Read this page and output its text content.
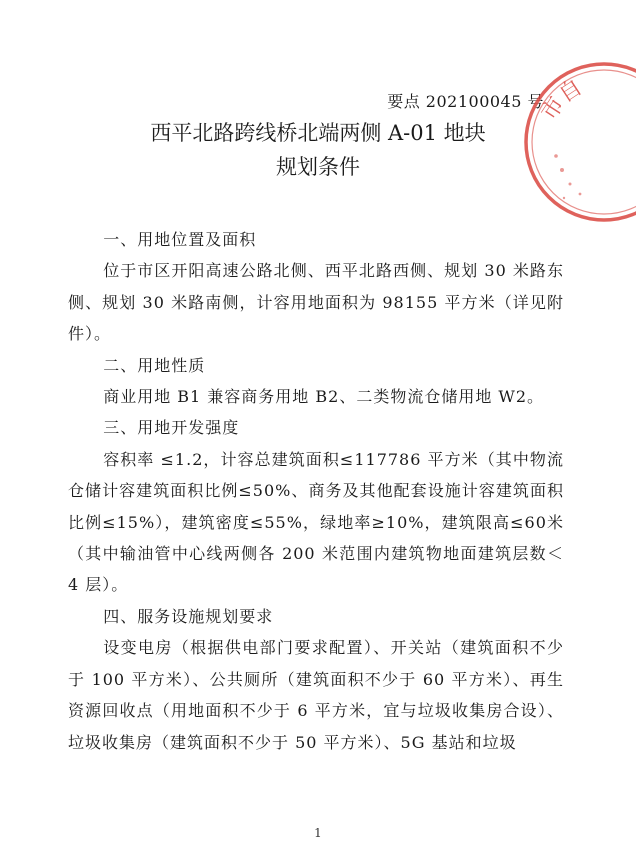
要点 202100045 号
西平北路跨线桥北端两侧 A-01 地块
规划条件
市自

一、用地位置及面积

位于市区开阳高速公路北侧、西平北路西侧、规划 30 米路东侧、规划 30 米路南侧，计容用地面积为 98155 平方米（详见附件）。

二、用地性质

商业用地 B1 兼容商务用地 B2、二类物流仓储用地 W2。

三、用地开发强度

容积率 ≤1.2，计容总建筑面积≤117786 平方米（其中物流仓储计容建筑面积比例≤50%、商务及其他配套设施计容建筑面积比例≤15%），建筑密度≤55%，绿地率≥10%，建筑限高≤60米（其中输油管中心线两侧各 200 米范围内建筑物地面建筑层数＜4 层）。

四、服务设施规划要求

设变电房（根据供电部门要求配置）、开关站（建筑面积不少于 100 平方米）、公共厕所（建筑面积不少于 60 平方米）、再生资源回收点（用地面积不少于 6 平方米，宜与垃圾收集房合设）、垃圾收集房（建筑面积不少于 50 平方米）、5G 基站和垃圾

1
